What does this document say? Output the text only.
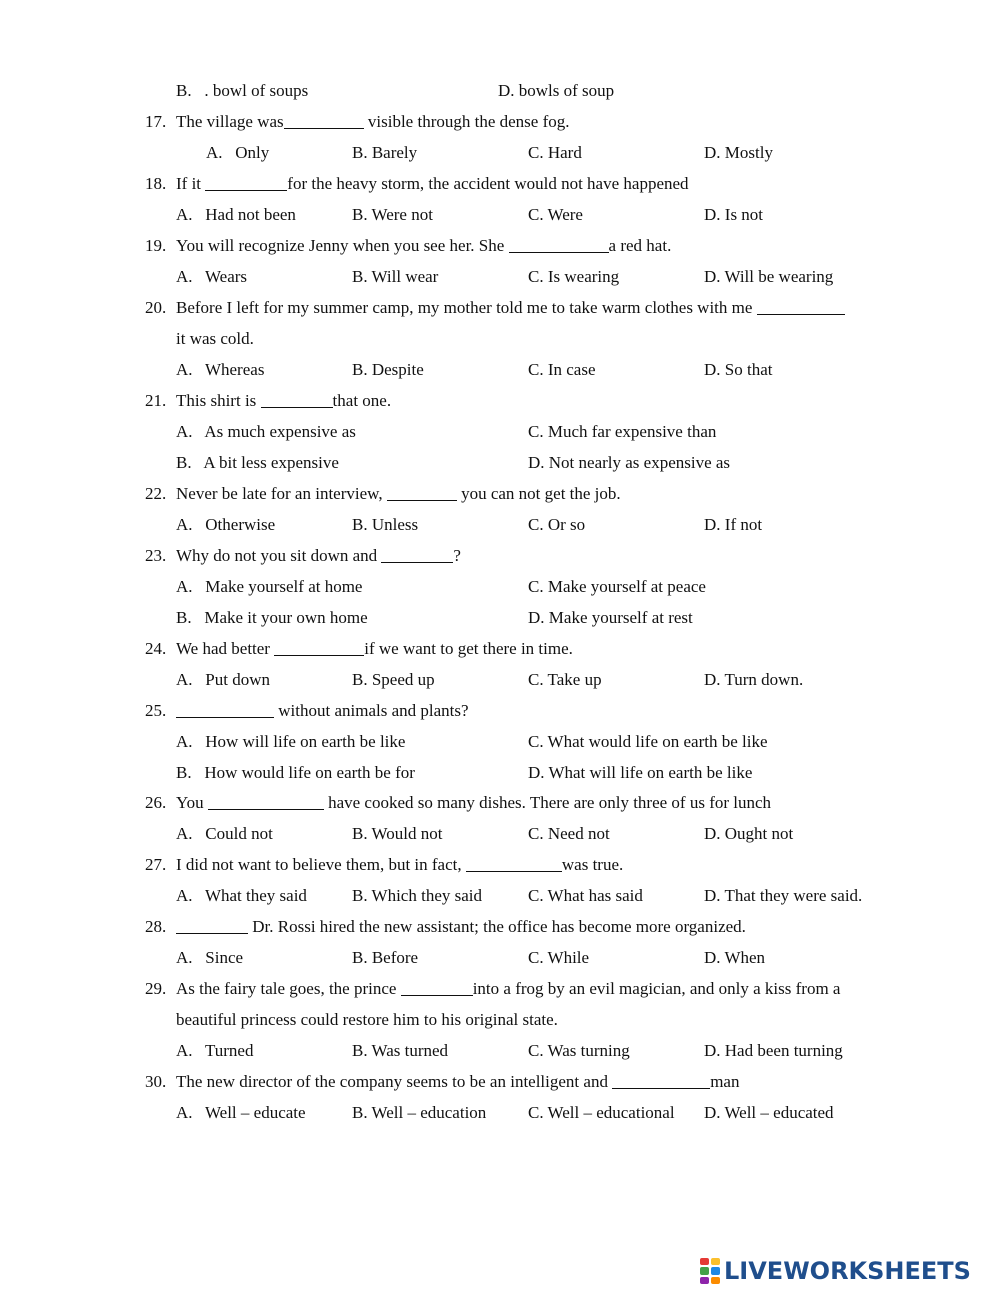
B.   . bowl of soups	D. bowls of soup
17. The village was	visible through the dense fog.
A.   Only	B. Barely	C. Hard	D. Mostly
18. If it	for the heavy storm, the accident would not have happened
A.   Had not been	B. Were not	C. Were	D. Is not
19. You will recognize Jenny when you see her. She	a red hat.
A.   Wears	B. Will wear	C. Is wearing	D. Will be wearing
20. Before I left for my summer camp, my mother told me to take warm clothes with me
it was cold.
A.   Whereas	B. Despite	C. In case	D. So that
21. This shirt is	that one.
A.   As much expensive as	C. Much far expensive than
B.   A bit less expensive	D. Not nearly as expensive as
22. Never be late for an interview,	you can not get the job.
A.   Otherwise	B. Unless	C. Or so	D. If not
23. Why do not you sit down and	?
A.   Make yourself at home	C. Make yourself at peace
B.   Make it your own home	D. Make yourself at rest
24. We had better	if we want to get there in time.
A.   Put down	B. Speed up	C. Take up	D. Turn down.
25.	without animals and plants?
A.   How will life on earth be like	C. What would life on earth be like
B.   How would life on earth be for	D. What will life on earth be like
26. You	have cooked so many dishes. There are only three of us for lunch
A.   Could not	B. Would not	C. Need not	D. Ought not
27. I did not want to believe them, but in fact,	was true.
A.   What they said	B. Which they said	C. What has said	D. That they were said.
28.	Dr. Rossi hired the new assistant; the office has become more organized.
A.   Since	B. Before	C. While	D. When
29. As the fairy tale goes, the prince	into a frog by an evil magician, and only a kiss from a
beautiful princess could restore him to his original state.
A.   Turned	B. Was turned	C. Was turning	D. Had been turning
30. The new director of the company seems to be an intelligent and	man
A.   Well – educate	B. Well – education C. Well – educational D. Well – educated
LIVEWORKSHEETS
